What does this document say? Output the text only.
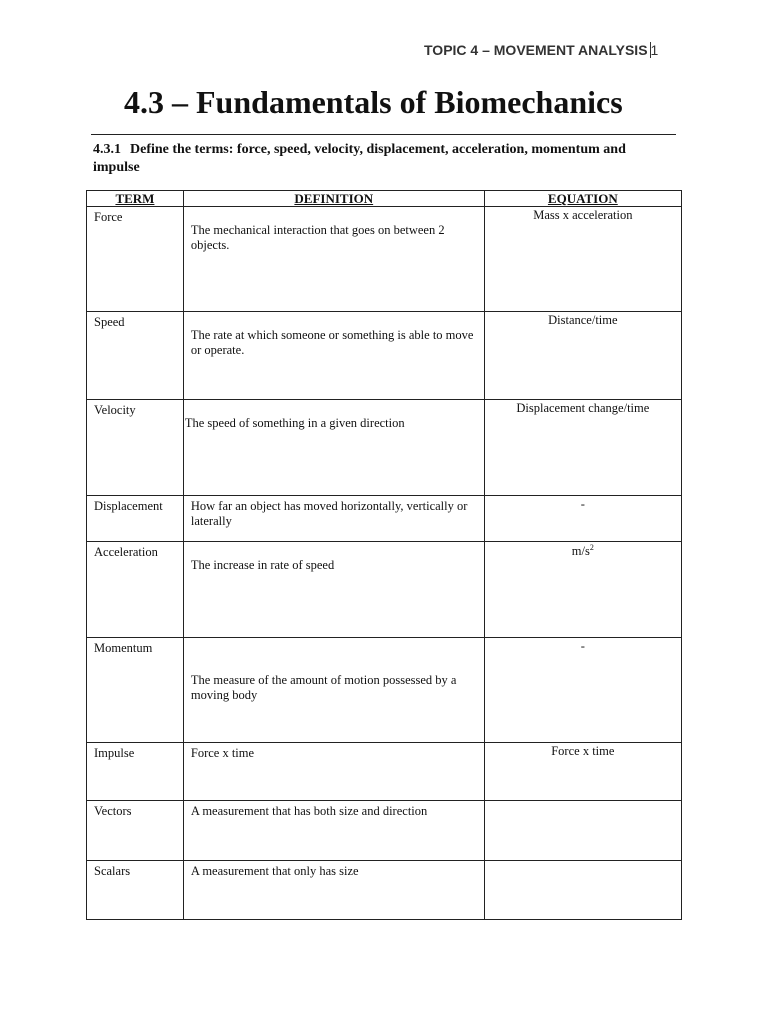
TOPIC 4 – MOVEMENT ANALYSIS 1
4.3 – Fundamentals of Biomechanics
4.3.1 Define the terms: force, speed, velocity, displacement, acceleration, momentum and impulse
TERM	DEFINITION	EQUATION
Force	The mechanical interaction that goes on between 2 objects.	Mass x acceleration
Speed	The rate at which someone or something is able to move or operate.	Distance/time
Velocity	The speed of something in a given direction	Displacement change/time
Displacement	How far an object has moved horizontally, vertically or laterally	-
Acceleration	The increase in rate of speed	$m/s^2$
Momentum	The measure of the amount of motion possessed by a moving body	-
Impulse	Force x time	Force x time
Vectors	A measurement that has both size and direction	
Scalars	A measurement that only has size	
